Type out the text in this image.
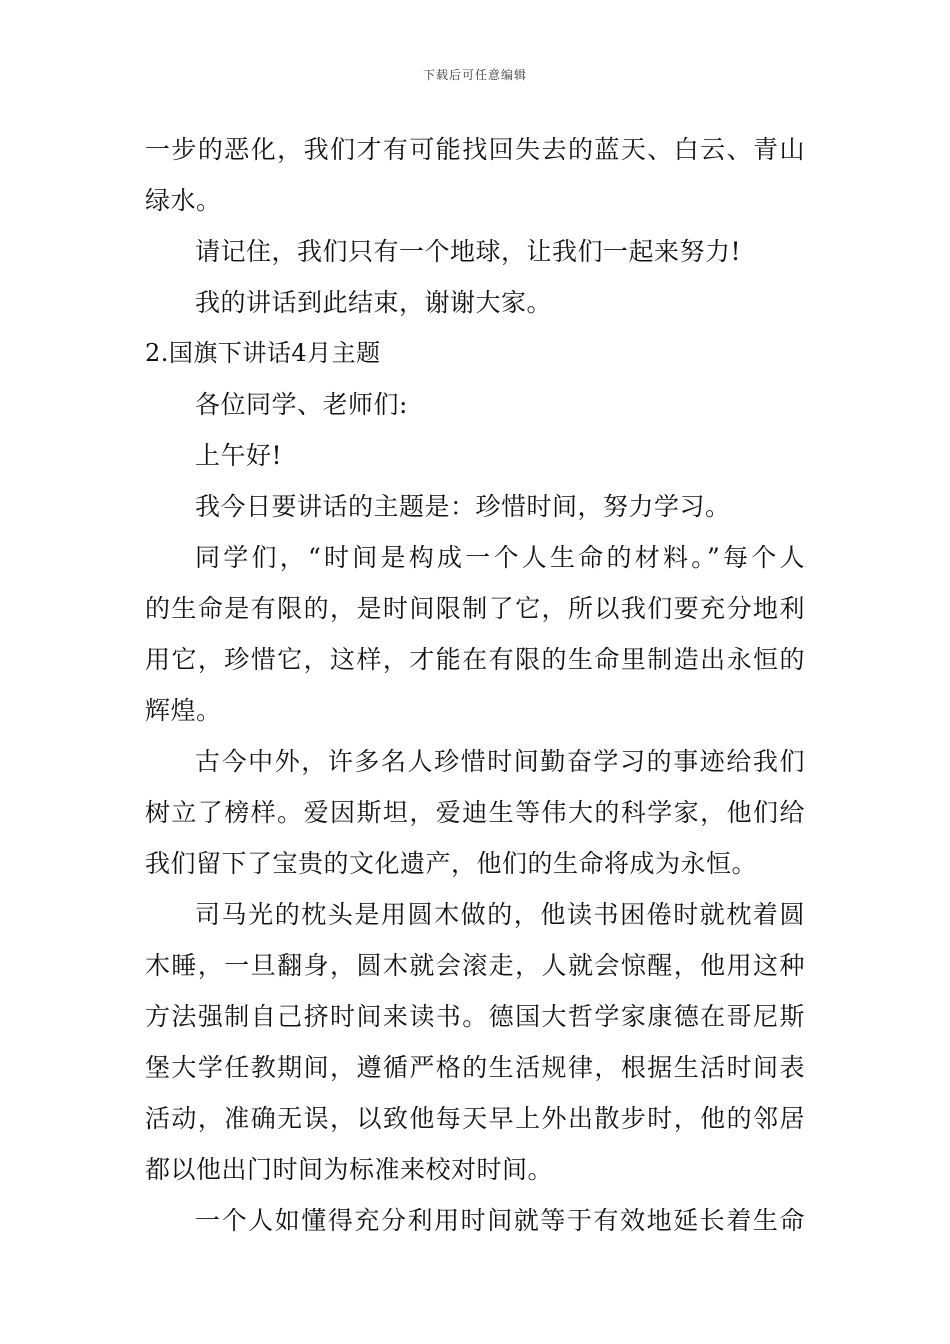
下载后可任意编辑
一步的恶化，我们才有可能找回失去的蓝天、白云、青山
绿水。
请记住，我们只有一个地球，让我们一起来努力!
我的讲话到此结束，谢谢大家。
2.国旗下讲话4月主题
各位同学、老师们:
上午好!
我今日要讲话的主题是：珍惜时间，努力学习。
同学们，“时间是构成一个人生命的材料。”每个人
的生命是有限的，是时间限制了它，所以我们要充分地利
用它，珍惜它，这样，才能在有限的生命里制造出永恒的
辉煌。
古今中外，许多名人珍惜时间勤奋学习的事迹给我们
树立了榜样。爱因斯坦，爱迪生等伟大的科学家，他们给
我们留下了宝贵的文化遗产，他们的生命将成为永恒。
司马光的枕头是用圆木做的，他读书困倦时就枕着圆
木睡，一旦翻身，圆木就会滚走，人就会惊醒，他用这种
方法强制自己挤时间来读书。德国大哲学家康德在哥尼斯
堡大学任教期间，遵循严格的生活规律，根据生活时间表
活动，准确无误，以致他每天早上外出散步时，他的邻居
都以他出门时间为标准来校对时间。
一个人如懂得充分利用时间就等于有效地延长着生命
